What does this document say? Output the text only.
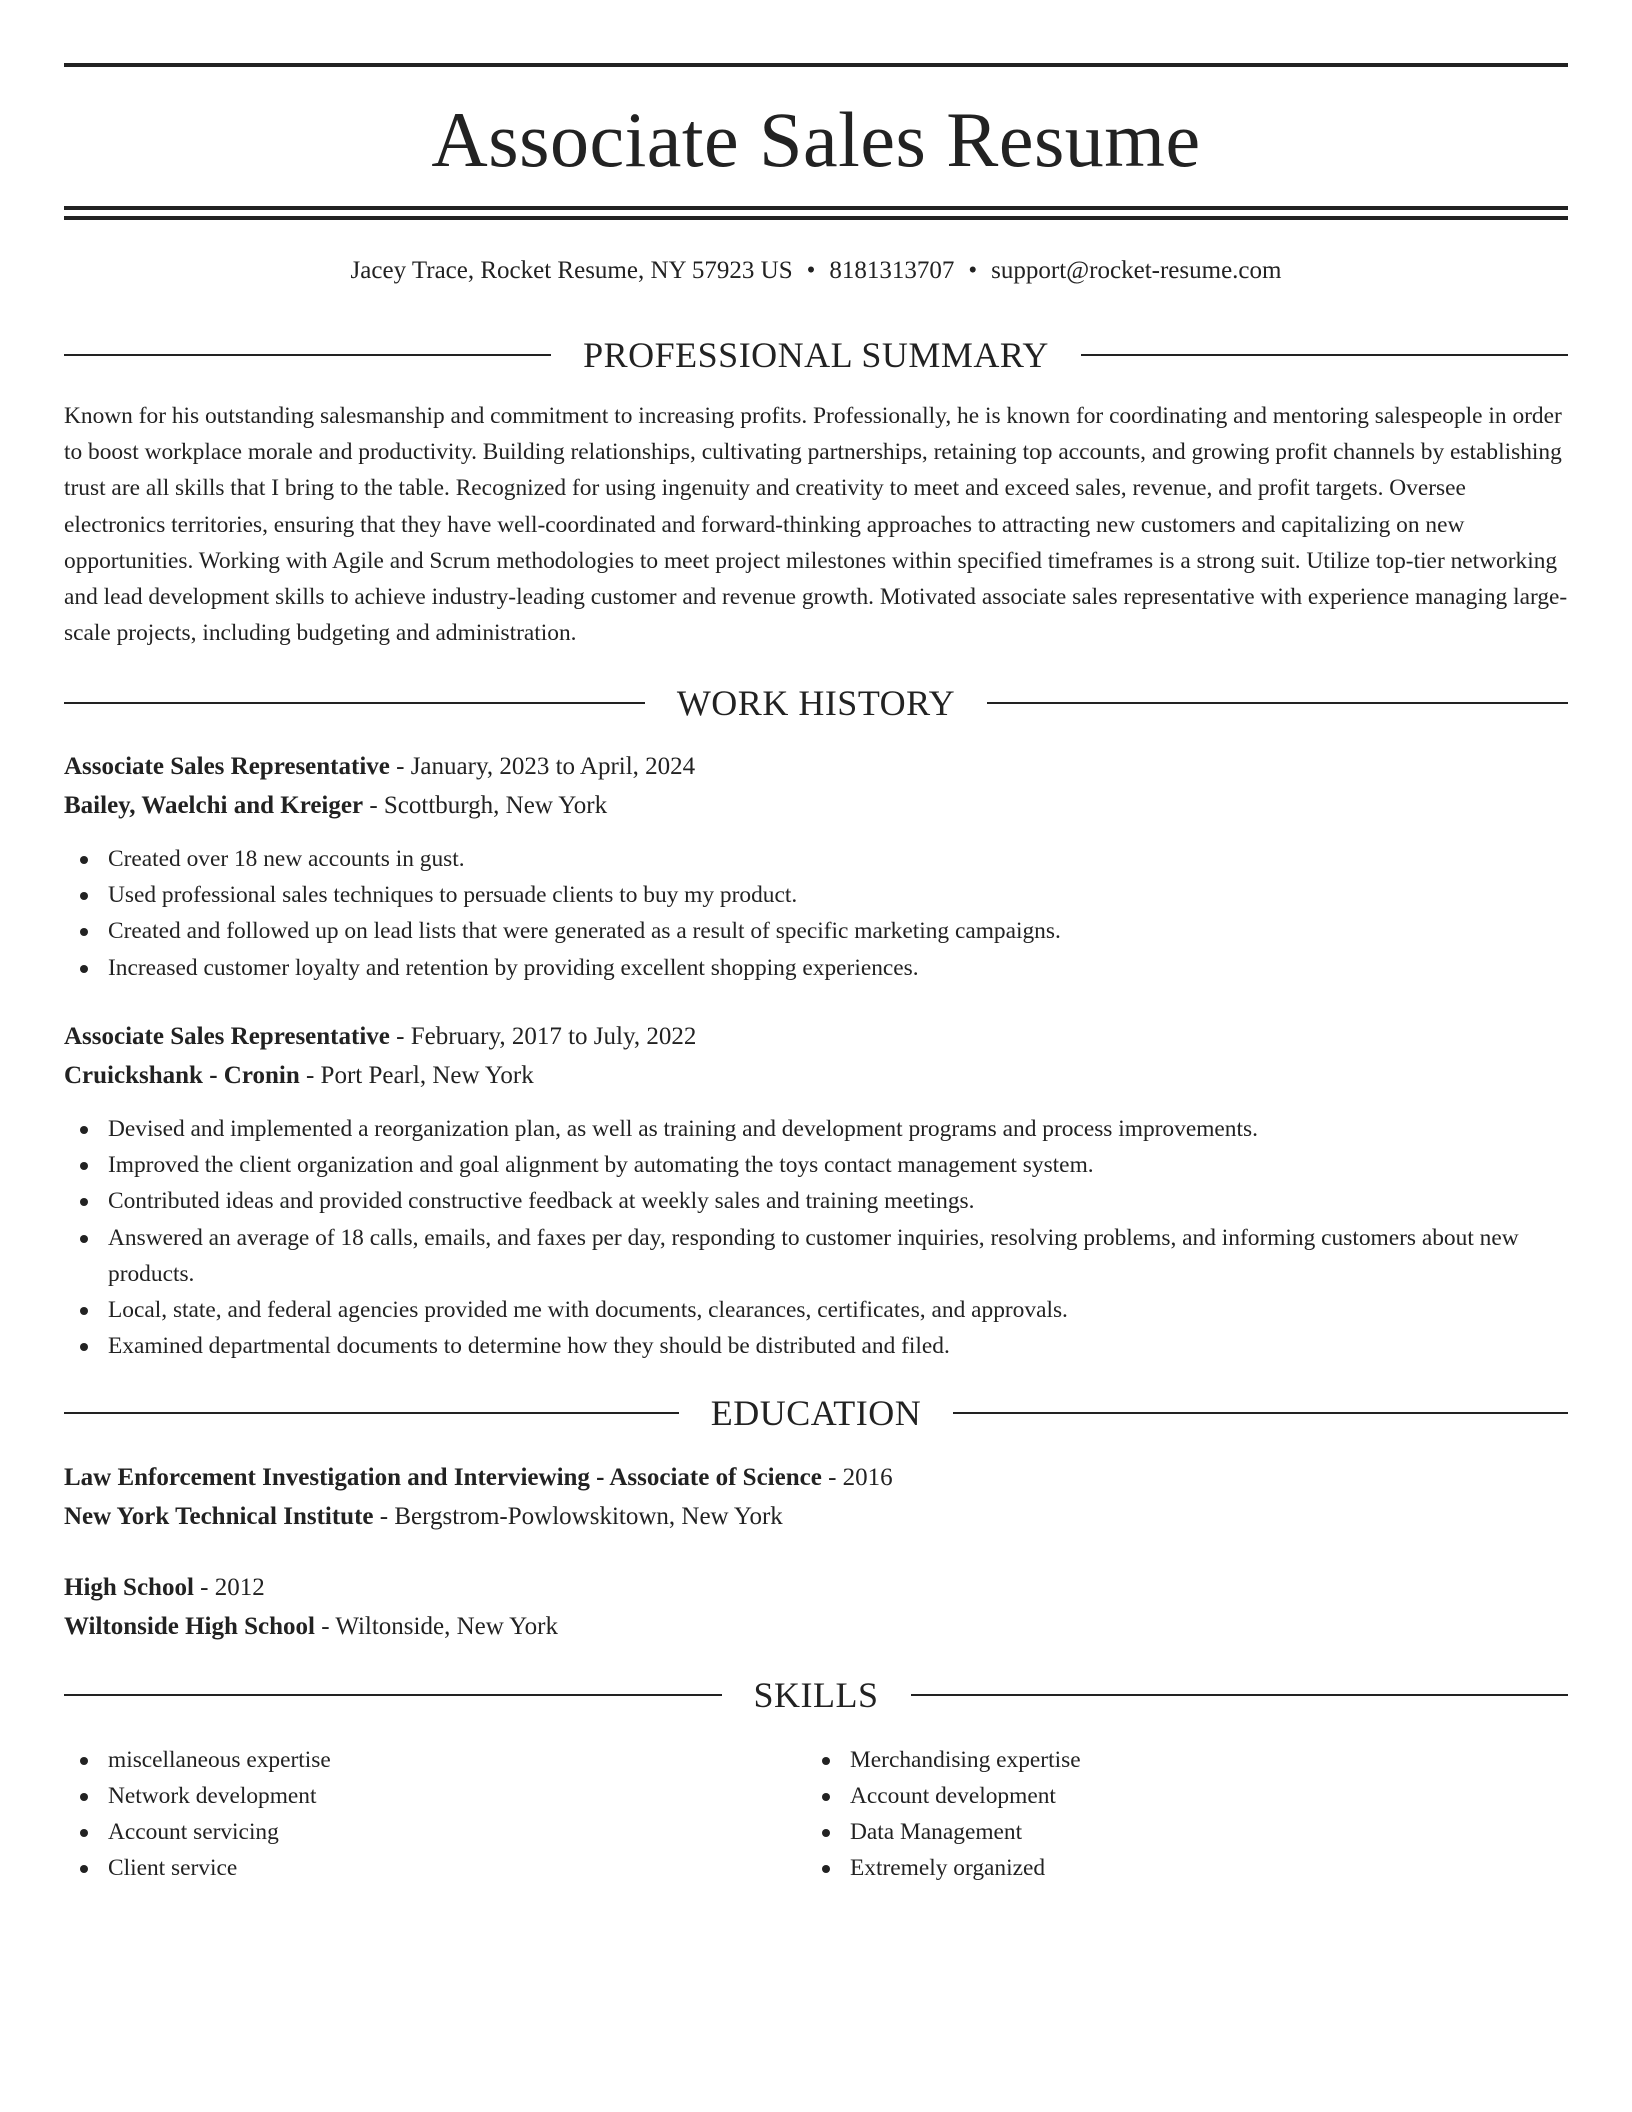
Associate Sales Resume
Jacey Trace, Rocket Resume, NY 57923 US • 8181313707 • support@rocket-resume.com
PROFESSIONAL SUMMARY

Known for his outstanding salesmanship and commitment to increasing profits. Professionally, he is known for coordinating and mentoring salespeople in order to boost workplace morale and productivity. Building relationships, cultivating partnerships, retaining top accounts, and growing profit channels by establishing trust are all skills that I bring to the table. Recognized for using ingenuity and creativity to meet and exceed sales, revenue, and profit targets. Oversee electronics territories, ensuring that they have well-coordinated and forward-thinking approaches to attracting new customers and capitalizing on new opportunities. Working with Agile and Scrum methodologies to meet project milestones within specified timeframes is a strong suit. Utilize top-tier networking and lead development skills to achieve industry-leading customer and revenue growth. Motivated associate sales representative with experience managing large-scale projects, including budgeting and administration.

WORK HISTORY
Associate Sales Representative - January, 2023 to April, 2024
Bailey, Waelchi and Kreiger - Scottburgh, New York
Created over 18 new accounts in gust.
Used professional sales techniques to persuade clients to buy my product.
Created and followed up on lead lists that were generated as a result of specific marketing campaigns.
Increased customer loyalty and retention by providing excellent shopping experiences.
Associate Sales Representative - February, 2017 to July, 2022
Cruickshank - Cronin - Port Pearl, New York
Devised and implemented a reorganization plan, as well as training and development programs and process improvements.
Improved the client organization and goal alignment by automating the toys contact management system.
Contributed ideas and provided constructive feedback at weekly sales and training meetings.
Answered an average of 18 calls, emails, and faxes per day, responding to customer inquiries, resolving problems, and informing customers about new products.
Local, state, and federal agencies provided me with documents, clearances, certificates, and approvals.
Examined departmental documents to determine how they should be distributed and filed.
EDUCATION
Law Enforcement Investigation and Interviewing - Associate of Science - 2016
New York Technical Institute - Bergstrom-Powlowskitown, New York
High School - 2012
Wiltonside High School - Wiltonside, New York
SKILLS
miscellaneous expertise
Network development
Account servicing
Client service
Merchandising expertise
Account development
Data Management
Extremely organized
